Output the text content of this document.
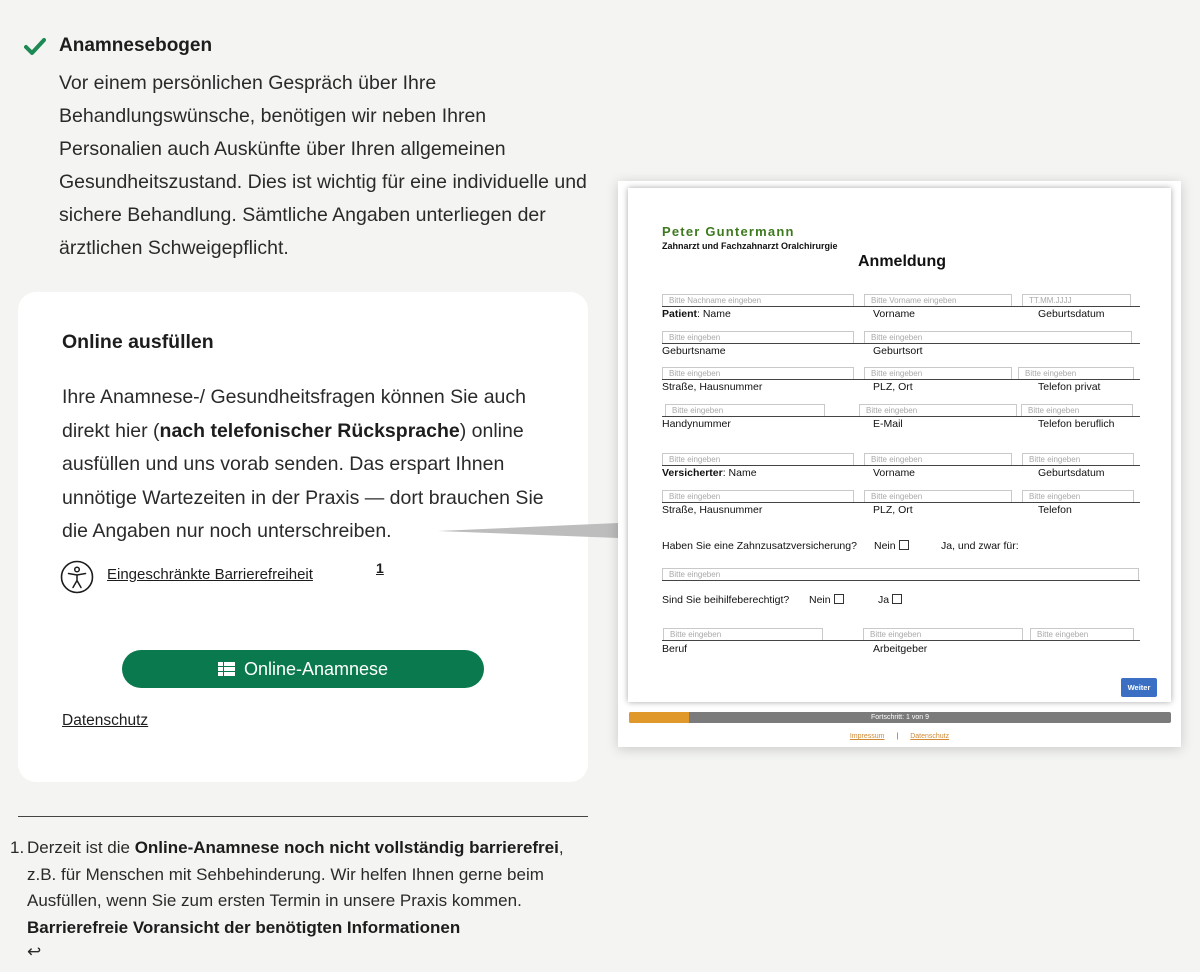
Anamnesebogen

Vor einem persönlichen Gespräch über Ihre Behandlungswünsche, benötigen wir neben Ihren Personalien auch Auskünfte über Ihren allgemeinen Gesundheitszustand. Dies ist wichtig für eine individuelle und sichere Behandlung. Sämtliche Angaben unterliegen der ärztlichen Schweigepflicht.

Online ausfüllen

Ihre Anamnese-/ Gesundheitsfragen können Sie auch direkt hier (nach telefonischer Rücksprache) online ausfüllen und uns vorab senden. Das erspart Ihnen unnötige Wartezeiten in der Praxis — dort brauchen Sie die Angaben nur noch unterschreiben.

Eingeschränkte Barrierefreiheit	1
Online-Anamnese
Datenschutz
Peter Guntermann
Zahnarzt und Fachzahnarzt Oralchirurgie
Anmeldung
Bitte Nachname eingeben	Bitte Vorname eingeben	TT.MM.JJJJ
Patient: Name	Vorname	Geburtsdatum
Bitte eingeben	Bitte eingeben
Geburtsname	Geburtsort
Bitte eingeben	Bitte eingeben	Bitte eingeben
Straße, Hausnummer	PLZ, Ort	Telefon privat
Bitte eingeben	Bitte eingeben	Bitte eingeben
Handynummer	E-Mail	Telefon beruflich
Bitte eingeben	Bitte eingeben	Bitte eingeben
Versicherter: Name	Vorname	Geburtsdatum
Bitte eingeben	Bitte eingeben	Bitte eingeben
Straße, Hausnummer	PLZ, Ort	Telefon
Haben Sie eine Zahnzusatzversicherung? Nein	Ja, und zwar für:
Bitte eingeben
Sind Sie beihilfeberechtigt? Nein	Ja
Bitte eingeben	Bitte eingeben	Bitte eingeben
Beruf	Arbeitgeber
Weiter
Fortschritt: 1 von 9
Impressum | Datenschutz
1. Derzeit ist die Online-Anamnese noch nicht vollständig barrierefrei, z.B. für Menschen mit Sehbehinderung. Wir helfen Ihnen gerne beim Ausfüllen, wenn Sie zum ersten Termin in unsere Praxis kommen.
Barrierefreie Voransicht der benötigten Informationen
↩
